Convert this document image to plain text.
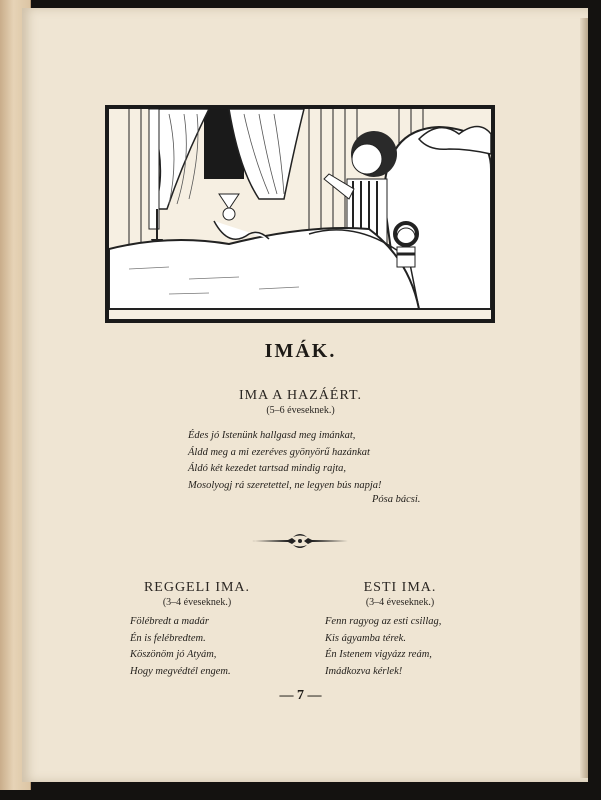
IMÁK.
IMA A HAZÁÉRT.
(5–6 éveseknek.)
Édes jó Istenünk hallgasd meg imánkat,
Áldd meg a mi ezeréves gyönyörű hazánkat
Áldó két kezedet tartsad mindig rajta,
Mosolyogj rá szeretettel, ne legyen bús napja!
Pósa bácsi.
REGGELI IMA.
(3–4 éveseknek.)
Fölébredt a madár
Én is felébredtem.
Köszönöm jó Atyám,
Hogy megvédtél engem.
ESTI IMA.
(3–4 éveseknek.)
Fenn ragyog az esti csillag,
Kis ágyamba térek.
Én Istenem vigyázz reám,
Imádkozva kérlek!
— 7 —
